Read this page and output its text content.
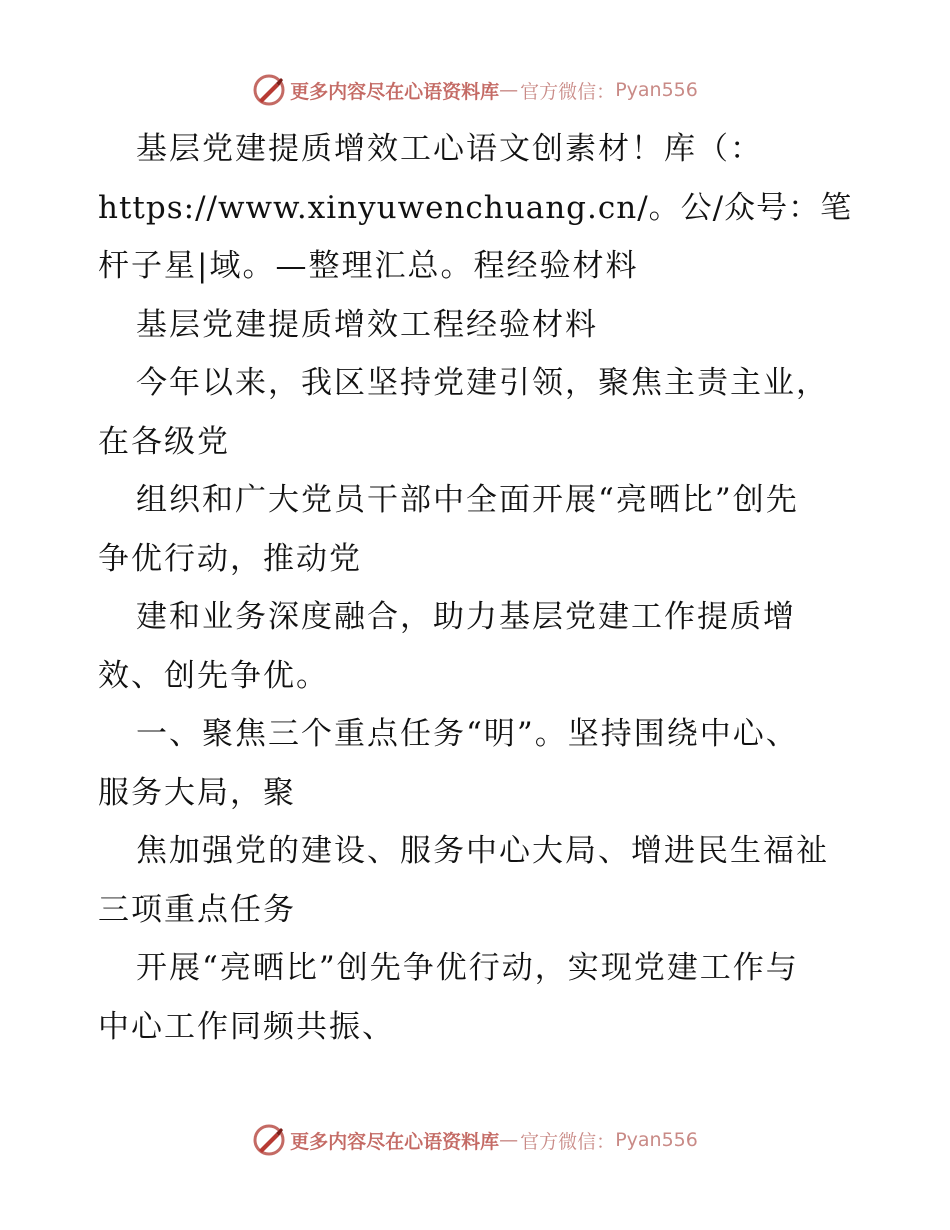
更多内容尽在心语资料库 — 官方微信： Pyan556

基层党建提质增效工心语文创素材！库（：

https://www.xinyuwenchuang.cn/。公/众号：笔

杆子星|域。—整理汇总。程经验材料

基层党建提质增效工程经验材料

今年以来，我区坚持党建引领，聚焦主责主业，

在各级党

组织和广大党员干部中全面开展“亮晒比”创先

争优行动，推动党

建和业务深度融合，助力基层党建工作提质增

效、创先争优。

一、聚焦三个重点任务“明”。坚持围绕中心、

服务大局，聚

焦加强党的建设、服务中心大局、增进民生福祉

三项重点任务

开展“亮晒比”创先争优行动，实现党建工作与

中心工作同频共振、

更多内容尽在心语资料库 — 官方微信： Pyan556
